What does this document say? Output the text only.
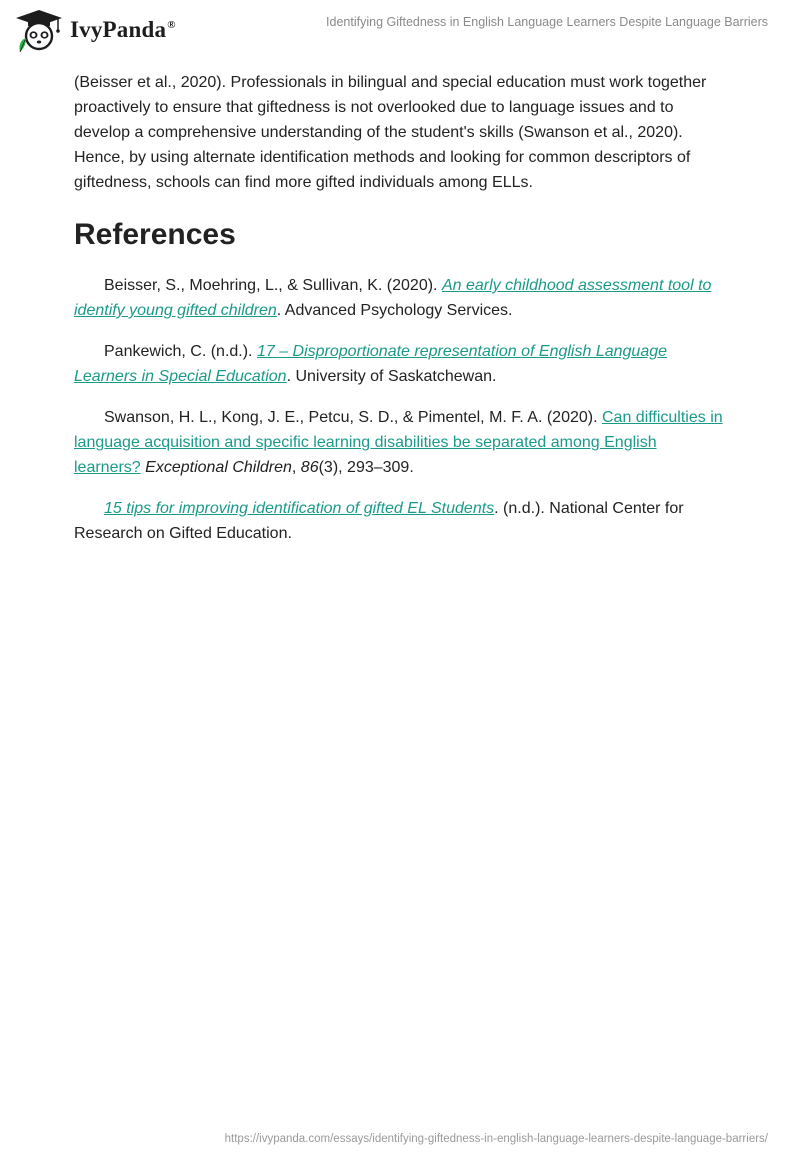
IvyPanda®	Identifying Giftedness in English Language Learners Despite Language Barriers

(Beisser et al., 2020). Professionals in bilingual and special education must work together proactively to ensure that giftedness is not overlooked due to language issues and to develop a comprehensive understanding of the student's skills (Swanson et al., 2020). Hence, by using alternate identification methods and looking for common descriptors of giftedness, schools can find more gifted individuals among ELLs.

References

Beisser, S., Moehring, L., & Sullivan, K. (2020). An early childhood assessment tool to identify young gifted children. Advanced Psychology Services.

Pankewich, C. (n.d.). 17 – Disproportionate representation of English Language Learners in Special Education. University of Saskatchewan.

Swanson, H. L., Kong, J. E., Petcu, S. D., & Pimentel, M. F. A. (2020). Can difficulties in language acquisition and specific learning disabilities be separated among English learners? Exceptional Children, 86(3), 293–309.

15 tips for improving identification of gifted EL Students. (n.d.). National Center for Research on Gifted Education.

https://ivypanda.com/essays/identifying-giftedness-in-english-language-learners-despite-language-barriers/
